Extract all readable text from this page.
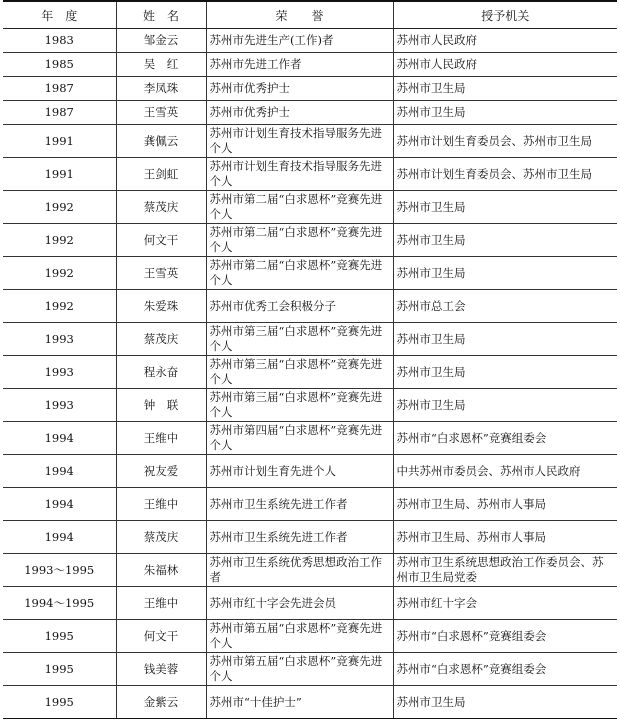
年　度	姓　名	荣　　誉	授予机关
1983	邹金云	苏州市先进生产(工作)者	苏州市人民政府
1985	吴　红	苏州市先进工作者	苏州市人民政府
1987	李凤珠	苏州市优秀护士	苏州市卫生局
1987	王雪英	苏州市优秀护士	苏州市卫生局
1991	龚佩云	苏州市计划生育技术指导服务先进个人	苏州市计划生育委员会、苏州市卫生局
1991	王剑虹	苏州市计划生育技术指导服务先进个人	苏州市计划生育委员会、苏州市卫生局
1992	蔡茂庆	苏州市第二届“白求恩杯”竞赛先进个人	苏州市卫生局
1992	何文干	苏州市第二届“白求恩杯”竞赛先进个人	苏州市卫生局
1992	王雪英	苏州市第二届“白求恩杯”竞赛先进个人	苏州市卫生局
1992	朱爱珠	苏州市优秀工会积极分子	苏州市总工会
1993	蔡茂庆	苏州市第三届“白求恩杯”竞赛先进个人	苏州市卫生局
1993	程永奋	苏州市第三届“白求恩杯”竞赛先进个人	苏州市卫生局
1993	钟　联	苏州市第三届“白求恩杯”竞赛先进个人	苏州市卫生局
1994	王维中	苏州市第四届“白求恩杯”竞赛先进个人	苏州市“白求恩杯”竞赛组委会
1994	祝友爱	苏州市计划生育先进个人	中共苏州市委员会、苏州市人民政府
1994	王维中	苏州市卫生系统先进工作者	苏州市卫生局、苏州市人事局
1994	蔡茂庆	苏州市卫生系统先进工作者	苏州市卫生局、苏州市人事局
1993～1995	朱福林	苏州市卫生系统优秀思想政治工作者	苏州市卫生系统思想政治工作委员会、苏州市卫生局党委
1994～1995	王维中	苏州市红十字会先进会员	苏州市红十字会
1995	何文干	苏州市第五届“白求恩杯”竞赛先进个人	苏州市“白求恩杯”竞赛组委会
1995	钱美蓉	苏州市第五届“白求恩杯”竞赛先进个人	苏州市“白求恩杯”竞赛组委会
1995	金紫云	苏州市“十佳护士”	苏州市卫生局
